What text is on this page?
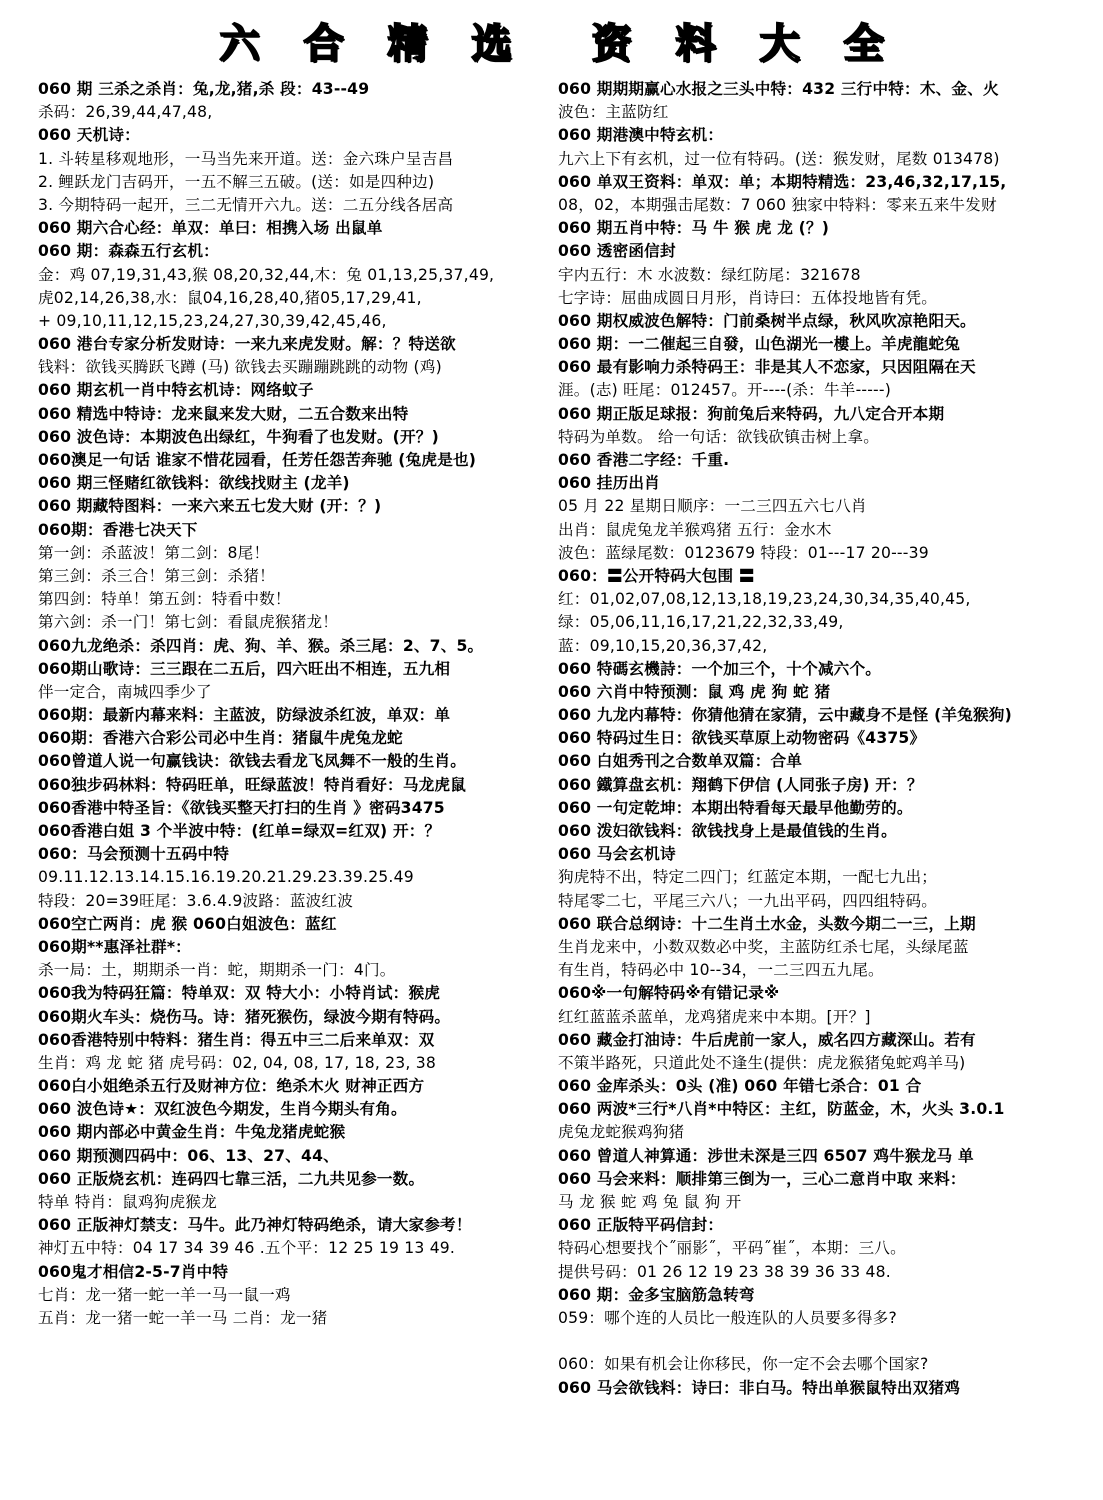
六 合 精 选 资 料 大 全
060 期 三杀之杀肖：兔,龙,猪,杀 段：43--49
杀码：26,39,44,47,48,
060 天机诗：
1. 斗转星移观地形，一马当先来开道。送：金六珠户呈吉昌
2. 鲤跃龙门吉码开，一五不解三五破。(送：如是四种边)
3. 今期特码一起开，三二无情开六九。送：二五分线各居高
060 期六合心经：单双：单曰：相携入场 出鼠单
060 期：森森五行玄机：
金：鸡 07,19,31,43,猴 08,20,32,44,木：兔 01,13,25,37,49,
虎02,14,26,38,水：鼠04,16,28,40,猪05,17,29,41,
+ 09,10,11,12,15,23,24,27,30,39,42,45,46,
060 港台专家分析发财诗：一来九来虎发财。解：？特送欲
钱料：欲钱买腾跃飞蹲 (马) 欲钱去买蹦蹦跳跳的动物 (鸡)
060 期玄机一肖中特玄机诗：网络蚊子
060 精选中特诗：龙来鼠来发大财，二五合数来出特
060 波色诗：本期波色出绿红，牛狗看了也发财。(开？)
060澳足一句话 谁家不惜花园看，任芳任怨苦奔驰 (兔虎是也)
060 期三怪赌红欲钱料：欲线找财主 (龙羊)
060 期藏特图料：一来六来五七发大财 (开：？)
060期：香港七决天下
第一剑：杀蓝波！第二剑：8尾！
第三剑：杀三合！第三剑：杀猪！
第四剑：特单！第五剑：特看中数！
第六剑：杀一门！第七剑：看鼠虎猴猪龙！
060九龙绝杀：杀四肖：虎、狗、羊、猴。杀三尾：2、7、5。
060期山歌诗：三三跟在二五后，四六旺出不相连，五九相
伴一定合，南城四季少了
060期：最新内幕来料：主蓝波，防绿波杀红波，单双：单
060期：香港六合彩公司必中生肖：猪鼠牛虎兔龙蛇
060曾道人说一句赢钱诀：欲钱去看龙飞凤舞不一般的生肖。
060独步码林料：特码旺单，旺绿蓝波！特肖看好：马龙虎鼠
060香港中特圣旨：《欲钱买整天打扫的生肖 》密码3475
060香港白姐 3 个半波中特：(红单=绿双=红双) 开：？
060：马会预测十五码中特
09.11.12.13.14.15.16.19.20.21.29.23.39.25.49
特段：20=39旺尾：3.6.4.9波路：蓝波红波
060空亡两肖：虎 猴 060白姐波色：蓝红
060期**惠泽社群*：
杀一局：土，期期杀一肖：蛇，期期杀一门：4门。
060我为特码狂篇：特单双：双 特大小：小特肖试：猴虎
060期火车头：烧伤马。诗：猪死猴伤，绿波今期有特码。
060香港特别中特料：猪生肖：得五中三二后来单双：双
生肖：鸡 龙 蛇 猪 虎号码：02, 04, 08, 17, 18, 23, 38
060白小姐绝杀五行及财神方位：绝杀木火 财神正西方
060 波色诗★：双红波色今期发，生肖今期头有角。
060 期内部必中黄金生肖：牛兔龙猪虎蛇猴
060 期预测四码中：06、13、27、44、
060 正版烧玄机：连码四七靠三活，二九共见参一数。
特单 特肖：鼠鸡狗虎猴龙
060 正版神灯禁支：马牛。此乃神灯特码绝杀，请大家参考！
神灯五中特：04 17 34 39 46 .五个平：12 25 19 13 49.
060鬼才相信2-5-7肖中特
七肖：龙一猪一蛇一羊一马一鼠一鸡
五肖：龙一猪一蛇一羊一马 二肖：龙一猪
060 期期期赢心水报之三头中特：432 三行中特：木、金、火
波色：主蓝防红
060 期港澳中特玄机：
九六上下有玄机，过一位有特码。(送：猴发财，尾数 013478)
060 单双王资料：单双：单；本期特精选：23,46,32,17,15,
08，02，本期强击尾数：7 060 独家中特料：零来五来牛发财
060 期五肖中特：马 牛 猴 虎 龙 (？)
060 透密函信封
宇内五行：木 水波数：绿红防尾：321678
七字诗：屈曲成圆日月形，肖诗曰：五体投地皆有凭。
060 期权威波色解特：门前桑树半点绿，秋风吹凉艳阳天。
060 期：一二催起三自發，山色湖光一樓上。羊虎龍蛇兔
060 最有影响力杀特码王：非是其人不恋家，只因阻隔在天
涯。(志) 旺尾：012457。开----(杀：牛羊-----)
060 期正版足球报：狗前兔后来特码，九八定合开本期
特码为单数。 给一句话：欲钱砍镇击树上拿。
060 香港二字经：千重.
060 挂历出肖
05 月 22 星期日顺序：一二三四五六七八肖
出肖：鼠虎兔龙羊猴鸡猪 五行：金水木
波色：蓝绿尾数：0123679 特段：01---17 20---39
060：〓公开特码大包围 〓
红：01,02,07,08,12,13,18,19,23,24,30,34,35,40,45,
绿：05,06,11,16,17,21,22,32,33,49,
蓝：09,10,15,20,36,37,42,
060 特碼玄機詩：一个加三个，十个减六个。
060 六肖中特预测：鼠 鸡 虎 狗 蛇 猪
060 九龙内幕特：你猜他猜在家猜，云中藏身不是怪 (羊兔猴狗)
060 特码过生日：欲钱买草原上动物密码《4375》
060 白姐秀刊之合数单双篇：合单
060 鐵算盘玄机：翔鹤下伊信 (人同张子房) 开：？
060 一句定乾坤：本期出特看每天最早他勤劳的。
060 泼妇欲钱料：欲钱找身上是最值钱的生肖。
060 马会玄机诗
狗虎特不出，特定二四门；红蓝定本期，一配七九出；
特尾零二七，平尾三六八；一九出平码，四四组特码。
060 联合总纲诗：十二生肖土水金，头数今期二一三，上期
生肖龙来中，小数双数必中奖，主蓝防红杀七尾，头绿尾蓝
有生肖，特码必中 10--34，一二三四五九尾。
060※一句解特码※有错记录※
红红蓝蓝杀蓝单，龙鸡猪虎来中本期。[开？]
060 藏金打油诗：牛后虎前一家人，威名四方藏深山。若有
不策半路死，只道此处不逢生(提供：虎龙猴猪兔蛇鸡羊马)
060 金库杀头：0头 (准) 060 年错七杀合：01 合
060 两波*三行*八肖*中特区：主红，防蓝金，木，火头 3.0.1
虎兔龙蛇猴鸡狗猪
060 曾道人神算通：涉世未深是三四 6507 鸡牛猴龙马 单
060 马会来料：顺排第三倒为一，三心二意肖中取 来料：
马 龙 猴 蛇 鸡 兔 鼠 狗 开
060 正版特平码信封：
特码心想要找个˝丽影˝，平码˝崔˝，本期：三八。
提供号码：01 26 12 19 23 38 39 36 33 48.
060 期：金多宝脑筋急转弯
059：哪个连的人员比一般连队的人员要多得多?
060：如果有机会让你移民，你一定不会去哪个国家?
060 马会欲钱料：诗曰：非白马。特出单猴鼠特出双猪鸡
